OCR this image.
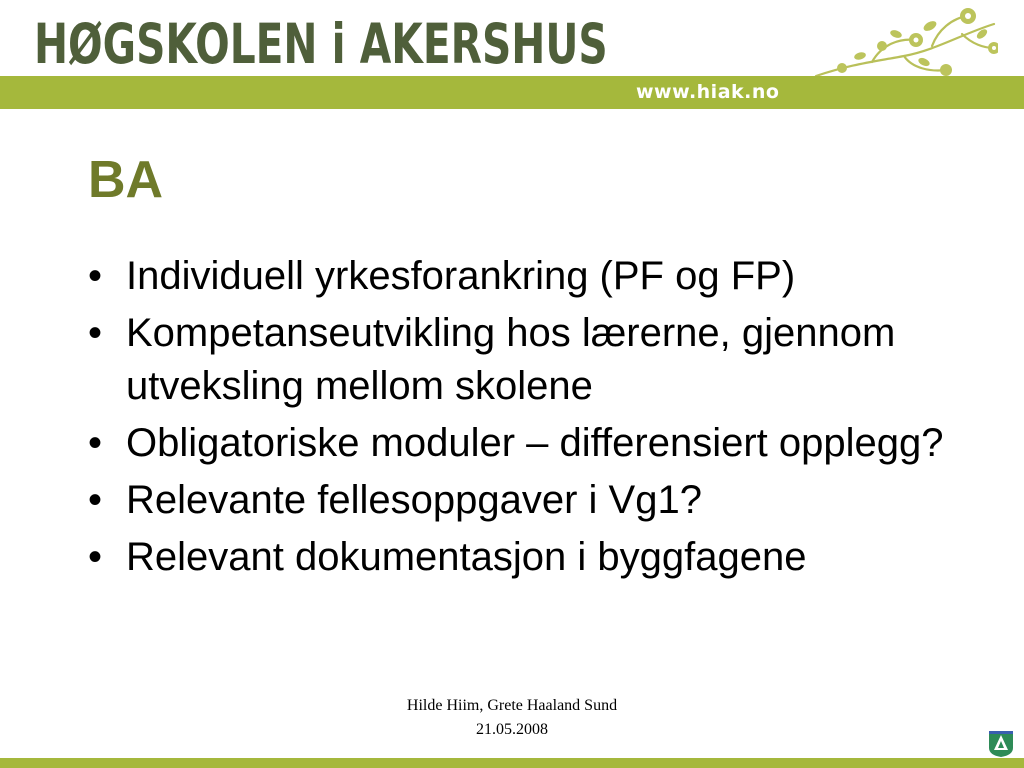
HØGSKOLEN i AKERSHUS
www.hiak.no
BA
• Individuell yrkesforankring (PF og FP)
• Kompetanseutvikling hos lærerne, gjennom utveksling mellom skolene
• Obligatoriske moduler – differensiert opplegg?
• Relevante fellesoppgaver i Vg1?
• Relevant dokumentasjon i byggfagene
Hilde Hiim, Grete Haaland Sund
21.05.2008
